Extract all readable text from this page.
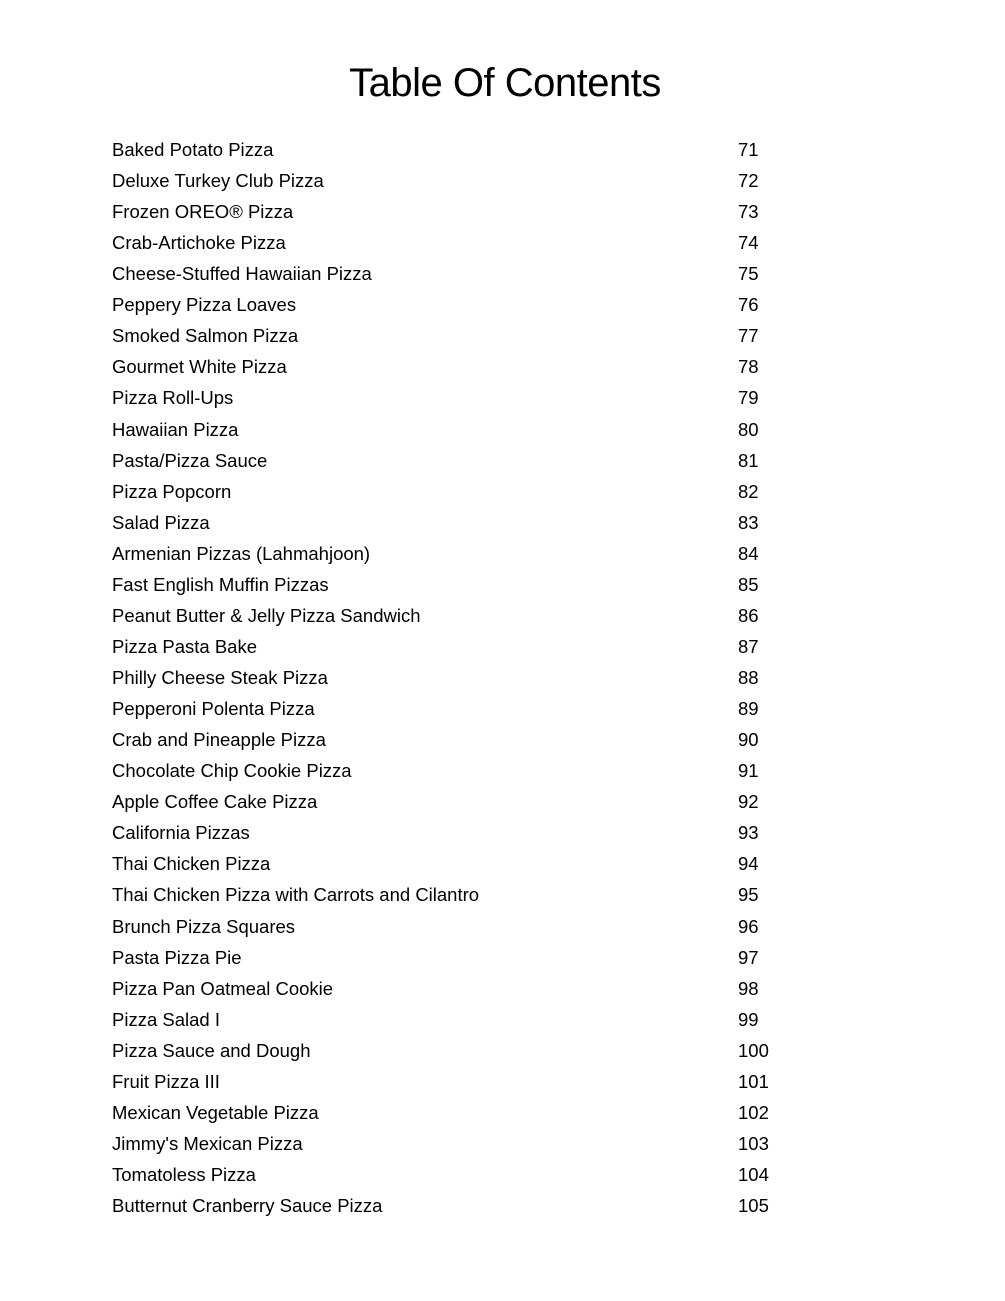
Table Of Contents
Baked Potato Pizza	71
Deluxe Turkey Club Pizza	72
Frozen OREO® Pizza	73
Crab-Artichoke Pizza	74
Cheese-Stuffed Hawaiian Pizza	75
Peppery Pizza Loaves	76
Smoked Salmon Pizza	77
Gourmet White Pizza	78
Pizza Roll-Ups	79
Hawaiian Pizza	80
Pasta/Pizza Sauce	81
Pizza Popcorn	82
Salad Pizza	83
Armenian Pizzas (Lahmahjoon)	84
Fast English Muffin Pizzas	85
Peanut Butter & Jelly Pizza Sandwich	86
Pizza Pasta Bake	87
Philly Cheese Steak Pizza	88
Pepperoni Polenta Pizza	89
Crab and Pineapple Pizza	90
Chocolate Chip Cookie Pizza	91
Apple Coffee Cake Pizza	92
California Pizzas	93
Thai Chicken Pizza	94
Thai Chicken Pizza with Carrots and Cilantro	95
Brunch Pizza Squares	96
Pasta Pizza Pie	97
Pizza Pan Oatmeal Cookie	98
Pizza Salad I	99
Pizza Sauce and Dough	100
Fruit Pizza III	101
Mexican Vegetable Pizza	102
Jimmy's Mexican Pizza	103
Tomatoless Pizza	104
Butternut Cranberry Sauce Pizza	105
